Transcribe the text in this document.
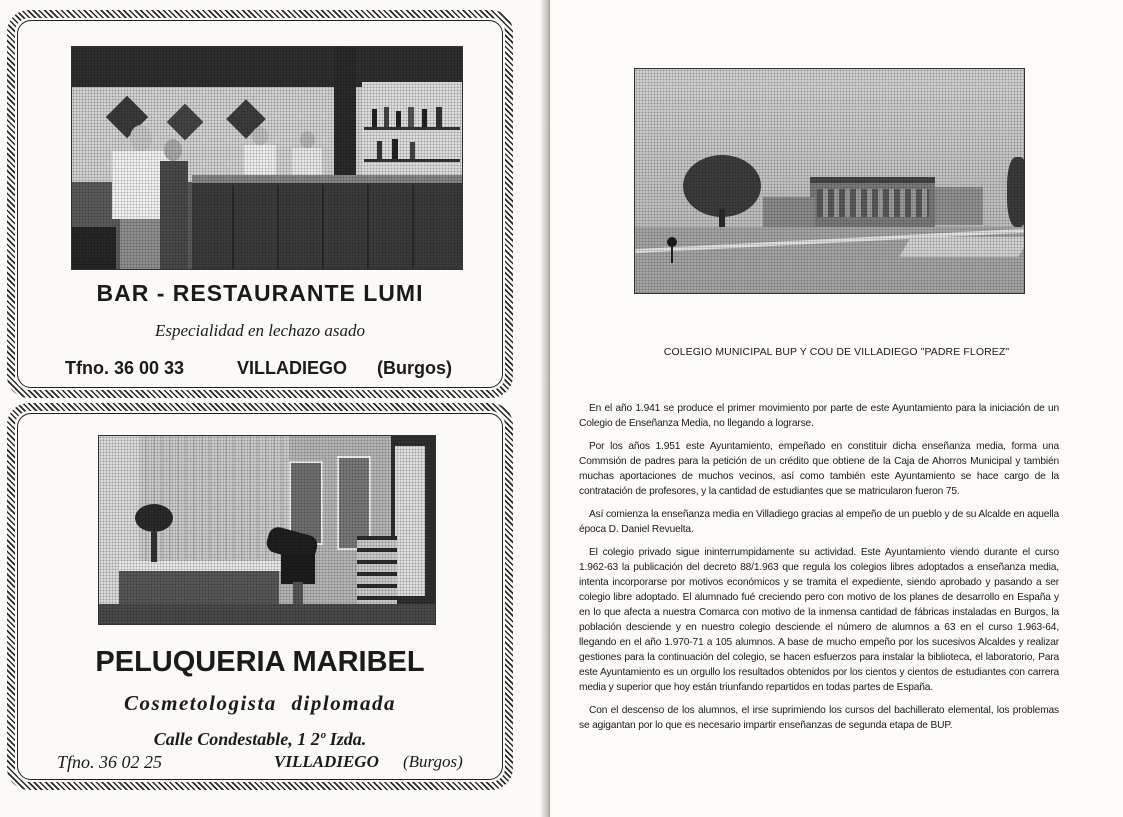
BAR - RESTAURANTE LUMI
Especialidad en lechazo asado
Tfno. 36 00 33	VILLADIEGO (Burgos)
PELUQUERIA MARIBEL
Cosmetologista diplomada
Calle Condestable, 1 2º Izda.
Tfno. 36 02 25	VILLADIEGO (Burgos)
COLEGIO MUNICIPAL BUP Y COU DE VILLADIEGO "PADRE FLOREZ"

En el año 1.941 se produce el primer movimiento por parte de este Ayuntamiento para la iniciación de un Colegio de Enseñanza Media, no llegando a lograrse.

Por los años 1.951 este Ayuntamiento, empeñado en constituir dicha enseñanza media, forma una Commsión de padres para la petición de un crédito que obtiene de la Caja de Ahorros Municipal y también muchas aportaciones de muchos vecinos, así como también este Ayuntamiento se hace cargo de la contratación de profesores, y la cantidad de estudiantes que se matricularon fueron 75.

Así comienza la enseñanza media en Villadiego gracias al empeño de un pueblo y de su Alcalde en aquella época D. Daniel Revuelta.

El colegio privado sigue ininterrumpidamente su actividad. Este Ayuntamiento viendo durante el curso 1.962-63 la publicación del decreto 88/1.963 que regula los colegios libres adoptados a enseñanza media, intenta incorporarse por motivos económicos y se tramita el expediente, siendo aprobado y pasando a ser colegio libre adoptado. El alumnado fué creciendo pero con motivo de los planes de desarrollo en España y en lo que afecta a nuestra Comarca con motivo de la inmensa cantidad de fábricas instaladas en Burgos, la población desciende y en nuestro colegio desciende el número de alumnos a 63 en el curso 1.963-64, llegando en el año 1.970-71 a 105 alumnos. A base de mucho empeño por los sucesivos Alcaldes y realizar gestiones para la continuación del colegio, se hacen esfuerzos para instalar la biblioteca, el laboratorio, Para este Ayuntamiento es un orgullo los resultados obtenidos por los cientos y cientos de estudiantes con carrera media y superior que hoy están triunfando repartidos en todas partes de España.

Con el descenso de los alumnos, el irse suprimiendo los cursos del bachillerato elemental, los problemas se agigantan por lo que es necesario impartir enseñanzas de segunda etapa de BUP.
